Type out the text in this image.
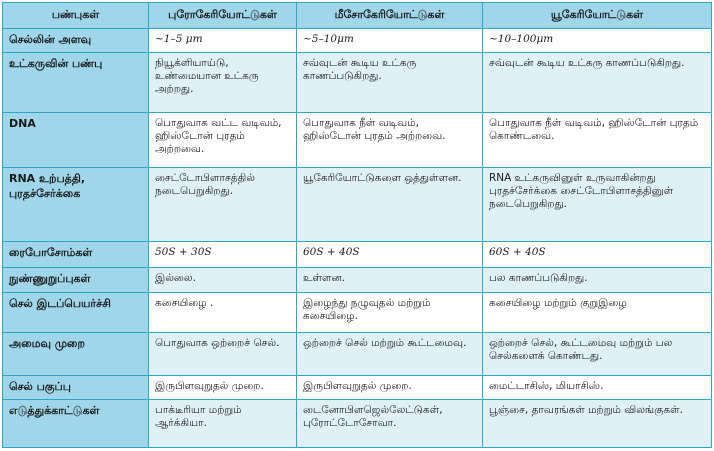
பண்புகள்	புரோகேரியோட்டுகள்	மீசோகேரியோட்டுகள்	யூகேரியோட்டுகள்
செல்லின் அளவு	~1–5 μm	~5–10μm	~10–100μm
உட்கருவின் பண்பு	நியூக்ளியாய்டு, உண்மையான உட்கரு அற்றது.	சவ்வுடன் கூடிய உட்கரு காணப்படுகிறது.	சவ்வுடன் கூடிய உட்கரு காணப்படுகிறது.
DNA	பொதுவாக வட்ட வடிவம், ஹிஸ்டோன் புரதம் அற்றவை.	பொதுவாக நீள் வடிவம், ஹிஸ்டோன் புரதம் அற்றவை.	பொதுவாக நீள் வடிவம், ஹிஸ்டோன் புரதம் கொண்டவை.
RNA உற்பத்தி, புரதச்சேர்க்கை	சைட்டோபிளாசத்தில் நடைபெறுகிறது.	யூகேரியோட்டுகளை ஒத்துள்ளன.	RNA உட்கருவினுள் உருவாகின்றது புரதச்சேர்க்கை சைட்டோபிளாசத்தினுள் நடைபெறுகிறது.
ரைபோசோம்கள்	50S + 30S	60S + 40S	60S + 40S
நுண்ணுறுப்புகள்	இல்லை.	உள்ளன.	பல காணப்படுகிறது.
செல் இடப்பெயர்ச்சி	கசையிழை .	இழைந்து நழுவுதல் மற்றும் கசையிழை.	கசையிழை மற்றும் குறுஇழை
அமைவு முறை	பொதுவாக ஒற்றைச் செல்.	ஒற்றைச் செல் மற்றும் கூட்டமைவு.	ஒற்றைச் செல், கூட்டமைவு மற்றும் பல செல்களைக் கொண்டது.
செல் பகுப்பு	இருபிளவுறுதல் முறை.	இருபிளவுறுதல் முறை.	மைட்டாசிஸ், மியாசிஸ்.
எடுத்துக்காட்டுகள்	பாக்டீரியா மற்றும் ஆர்க்கியா.	டைனோபிளஜெல்லேட்டுகள், புரோட்டோசோவா.	பூஞ்சை, தாவரங்கள் மற்றும் விலங்குகள்.
